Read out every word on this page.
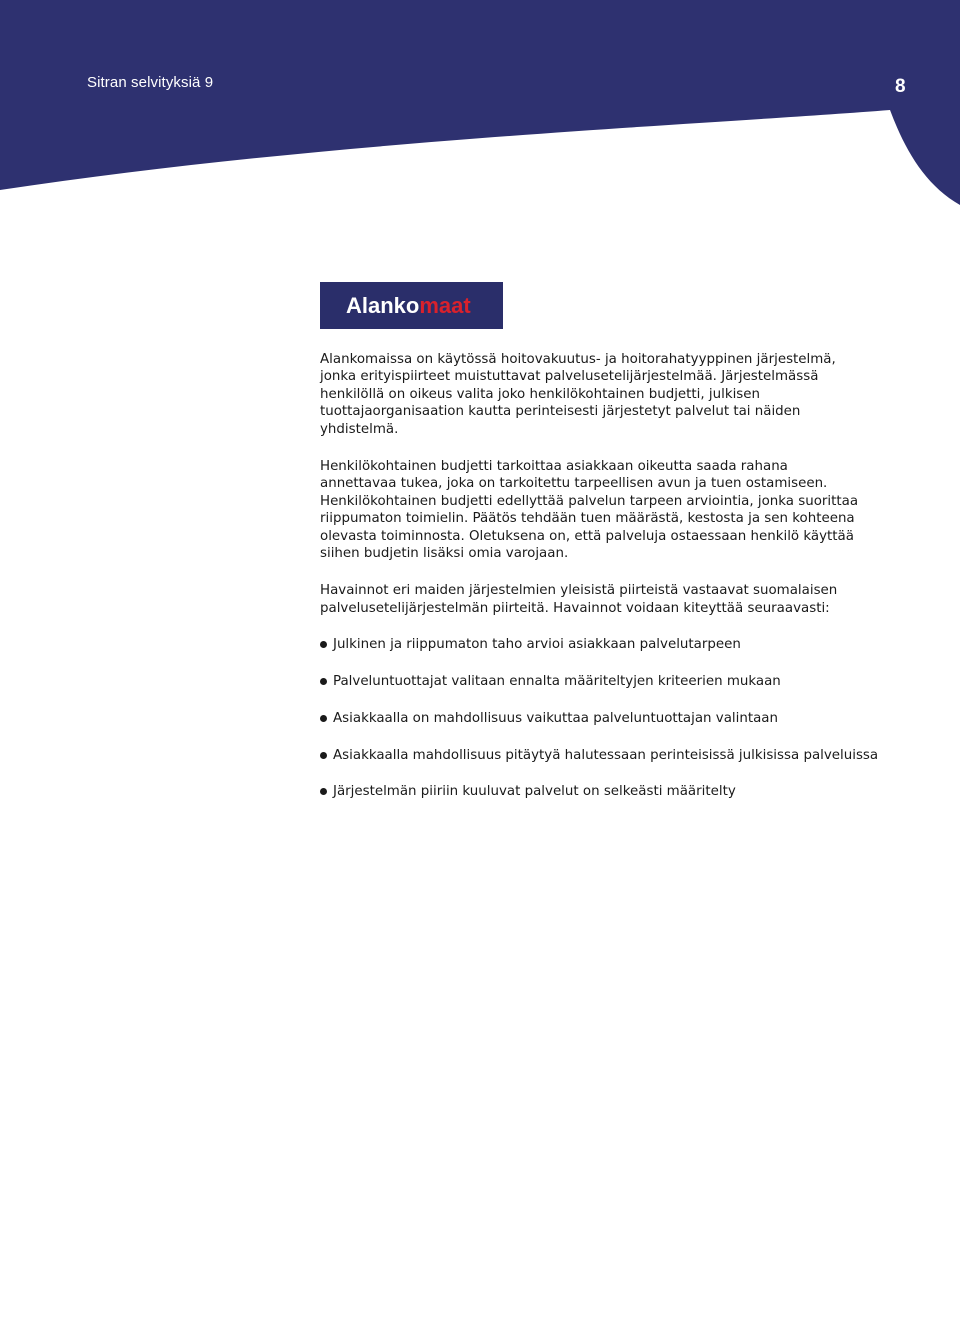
Sitran selvityksiä 9	8
Alankomaat

Alankomaissa on käytössä hoitovakuutus- ja hoitorahatyyppinen järjestelmä, jonka erityispiirteet muistuttavat palvelusetelijärjestelmää. Järjestelmässä henkilöllä on oikeus valita joko henkilökohtainen budjetti, julkisen tuottajaorganisaation kautta perinteisesti järjestetyt palvelut tai näiden yhdistelmä.

Henkilökohtainen budjetti tarkoittaa asiakkaan oikeutta saada rahana annettavaa tukea, joka on tarkoitettu tarpeellisen avun ja tuen ostamiseen. Henkilökohtainen budjetti edellyttää palvelun tarpeen arviointia, jonka suorittaa riippumaton toimielin. Päätös tehdään tuen määrästä, kestosta ja sen kohteena olevasta toiminnosta. Oletuksena on, että palveluja ostaessaan henkilö käyttää siihen budjetin lisäksi omia varojaan.

Havainnot eri maiden järjestelmien yleisistä piirteistä vastaavat suomalaisen palvelusetelijärjestelmän piirteitä. Havainnot voidaan kiteyttää seuraavasti:

Julkinen ja riippumaton taho arvioi asiakkaan palvelutarpeen
Palveluntuottajat valitaan ennalta määriteltyjen kriteerien mukaan
Asiakkaalla on mahdollisuus vaikuttaa palveluntuottajan valintaan
Asiakkaalla mahdollisuus pitäytyä halutessaan perinteisissä julkisissa palveluissa
Järjestelmän piiriin kuuluvat palvelut on selkeästi määritelty
